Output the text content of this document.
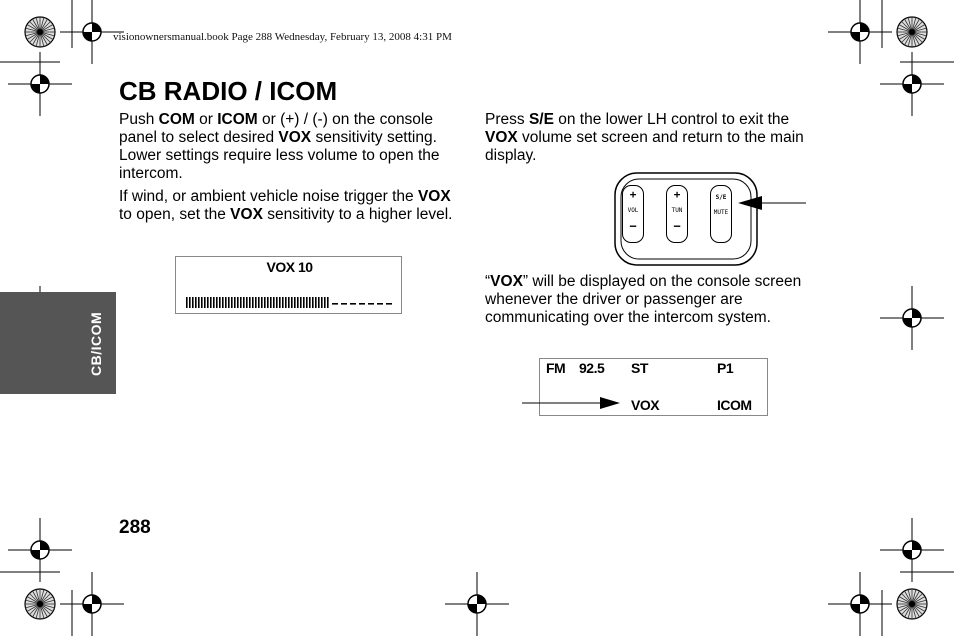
visionownersmanual.book Page 288 Wednesday, February 13, 2008 4:31 PM
CB RADIO / ICOM
CB/ICOM

Push COM or ICOM or (+) / (-) on the console panel to select desired VOX sensitivity setting. Lower settings require less volume to open the intercom.

If wind, or ambient vehicle noise trigger the VOX to open, set the VOX sensitivity to a higher level.

VOX 10

Press S/E on the lower LH control to exit the VOX volume set screen and return to the main display.

+
VOL
−
+
TUN
−
S/E
MUTE

“VOX” will be displayed on the console screen whenever the driver or passenger are communicating over the intercom system.

FM 92.5 ST	P1
VOX	ICOM
288
